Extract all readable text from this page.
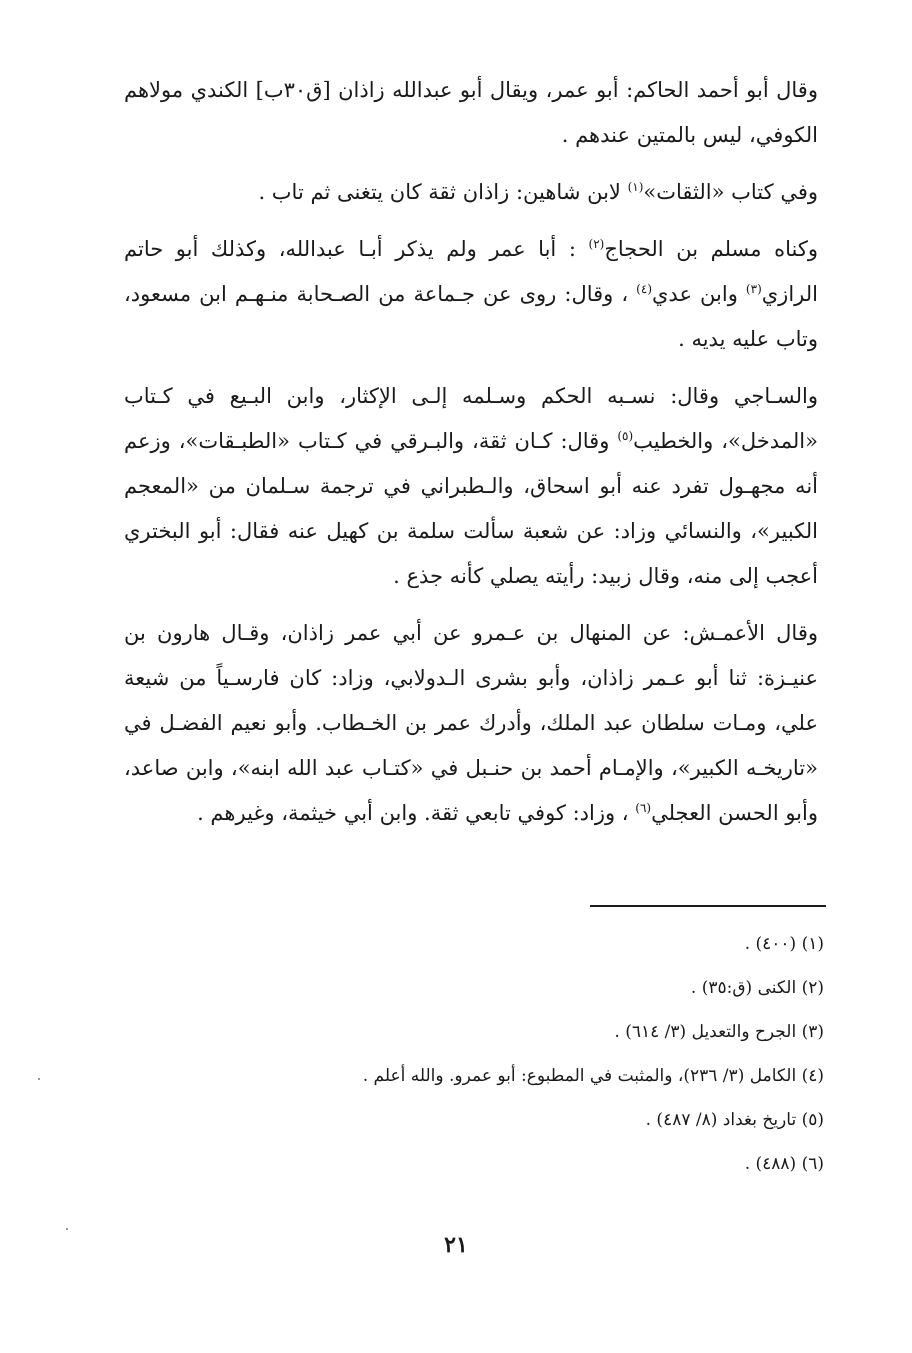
وقال أبو أحمد الحاكم: أبو عمر، ويقال أبو عبدالله زاذان [ق٣٠ب] الكندي مولاهم الكوفي، ليس بالمتين عندهم .

وفي كتاب «الثقات»$^{(١)}$ لابن شاهين: زاذان ثقة كان يتغنى ثم تاب .

وكناه مسلم بن الحجاج$^{(٢)}$ : أبا عمر ولم يذكر أبـا عبدالله، وكذلك أبو حاتم الرازي$^{(٣)}$ وابن عدي$^{(٤)}$ ، وقال: روى عن جـماعة من الصـحابة منـهـم ابن مسعود، وتاب عليه يديه .

والسـاجي وقال: نسـبه الحكم وسـلمه إلـى الإكثار، وابن البـيع في كـتاب «المدخل»، والخطيب$^{(٥)}$ وقال: كـان ثقة، والبـرقي في كـتاب «الطبـقات»، وزعم أنه مجهـول تفرد عنه أبو اسحاق، والـطبراني في ترجمة سـلمان من «المعجم الكبير»، والنسائي وزاد: عن شعبة سألت سلمة بن كهيل عنه فقال: أبو البختري أعجب إلى منه، وقال زبيد: رأيته يصلي كأنه جذع .

وقال الأعمـش: عن المنهال بن عـمرو عن أبي عمر زاذان، وقـال هارون بن عنيـزة: ثنا أبو عـمر زاذان، وأبو بشرى الـدولابي، وزاد: كان فارسـياً من شيعة علي، ومـات سلطان عبد الملك، وأدرك عمر بن الخـطاب. وأبو نعيم الفضـل في «تاريخـه الكبير»، والإمـام أحمد بن حنـبل في «كتـاب عبد الله ابنه»، وابن صاعد، وأبو الحسن العجلي$^{(٦)}$ ، وزاد: كوفي تابعي ثقة. وابن أبي خيثمة، وغيرهم .

(١) (٤٠٠) .

(٢) الكنى (ق:٣٥) .

(٣) الجرح والتعديل (٣/ ٦١٤) .

(٤) الكامل (٣/ ٢٣٦)، والمثبت في المطبوع: أبو عمرو. والله أعلم .

(٥) تاريخ بغداد (٨/ ٤٨٧) .

(٦) (٤٨٨) .

٢١
